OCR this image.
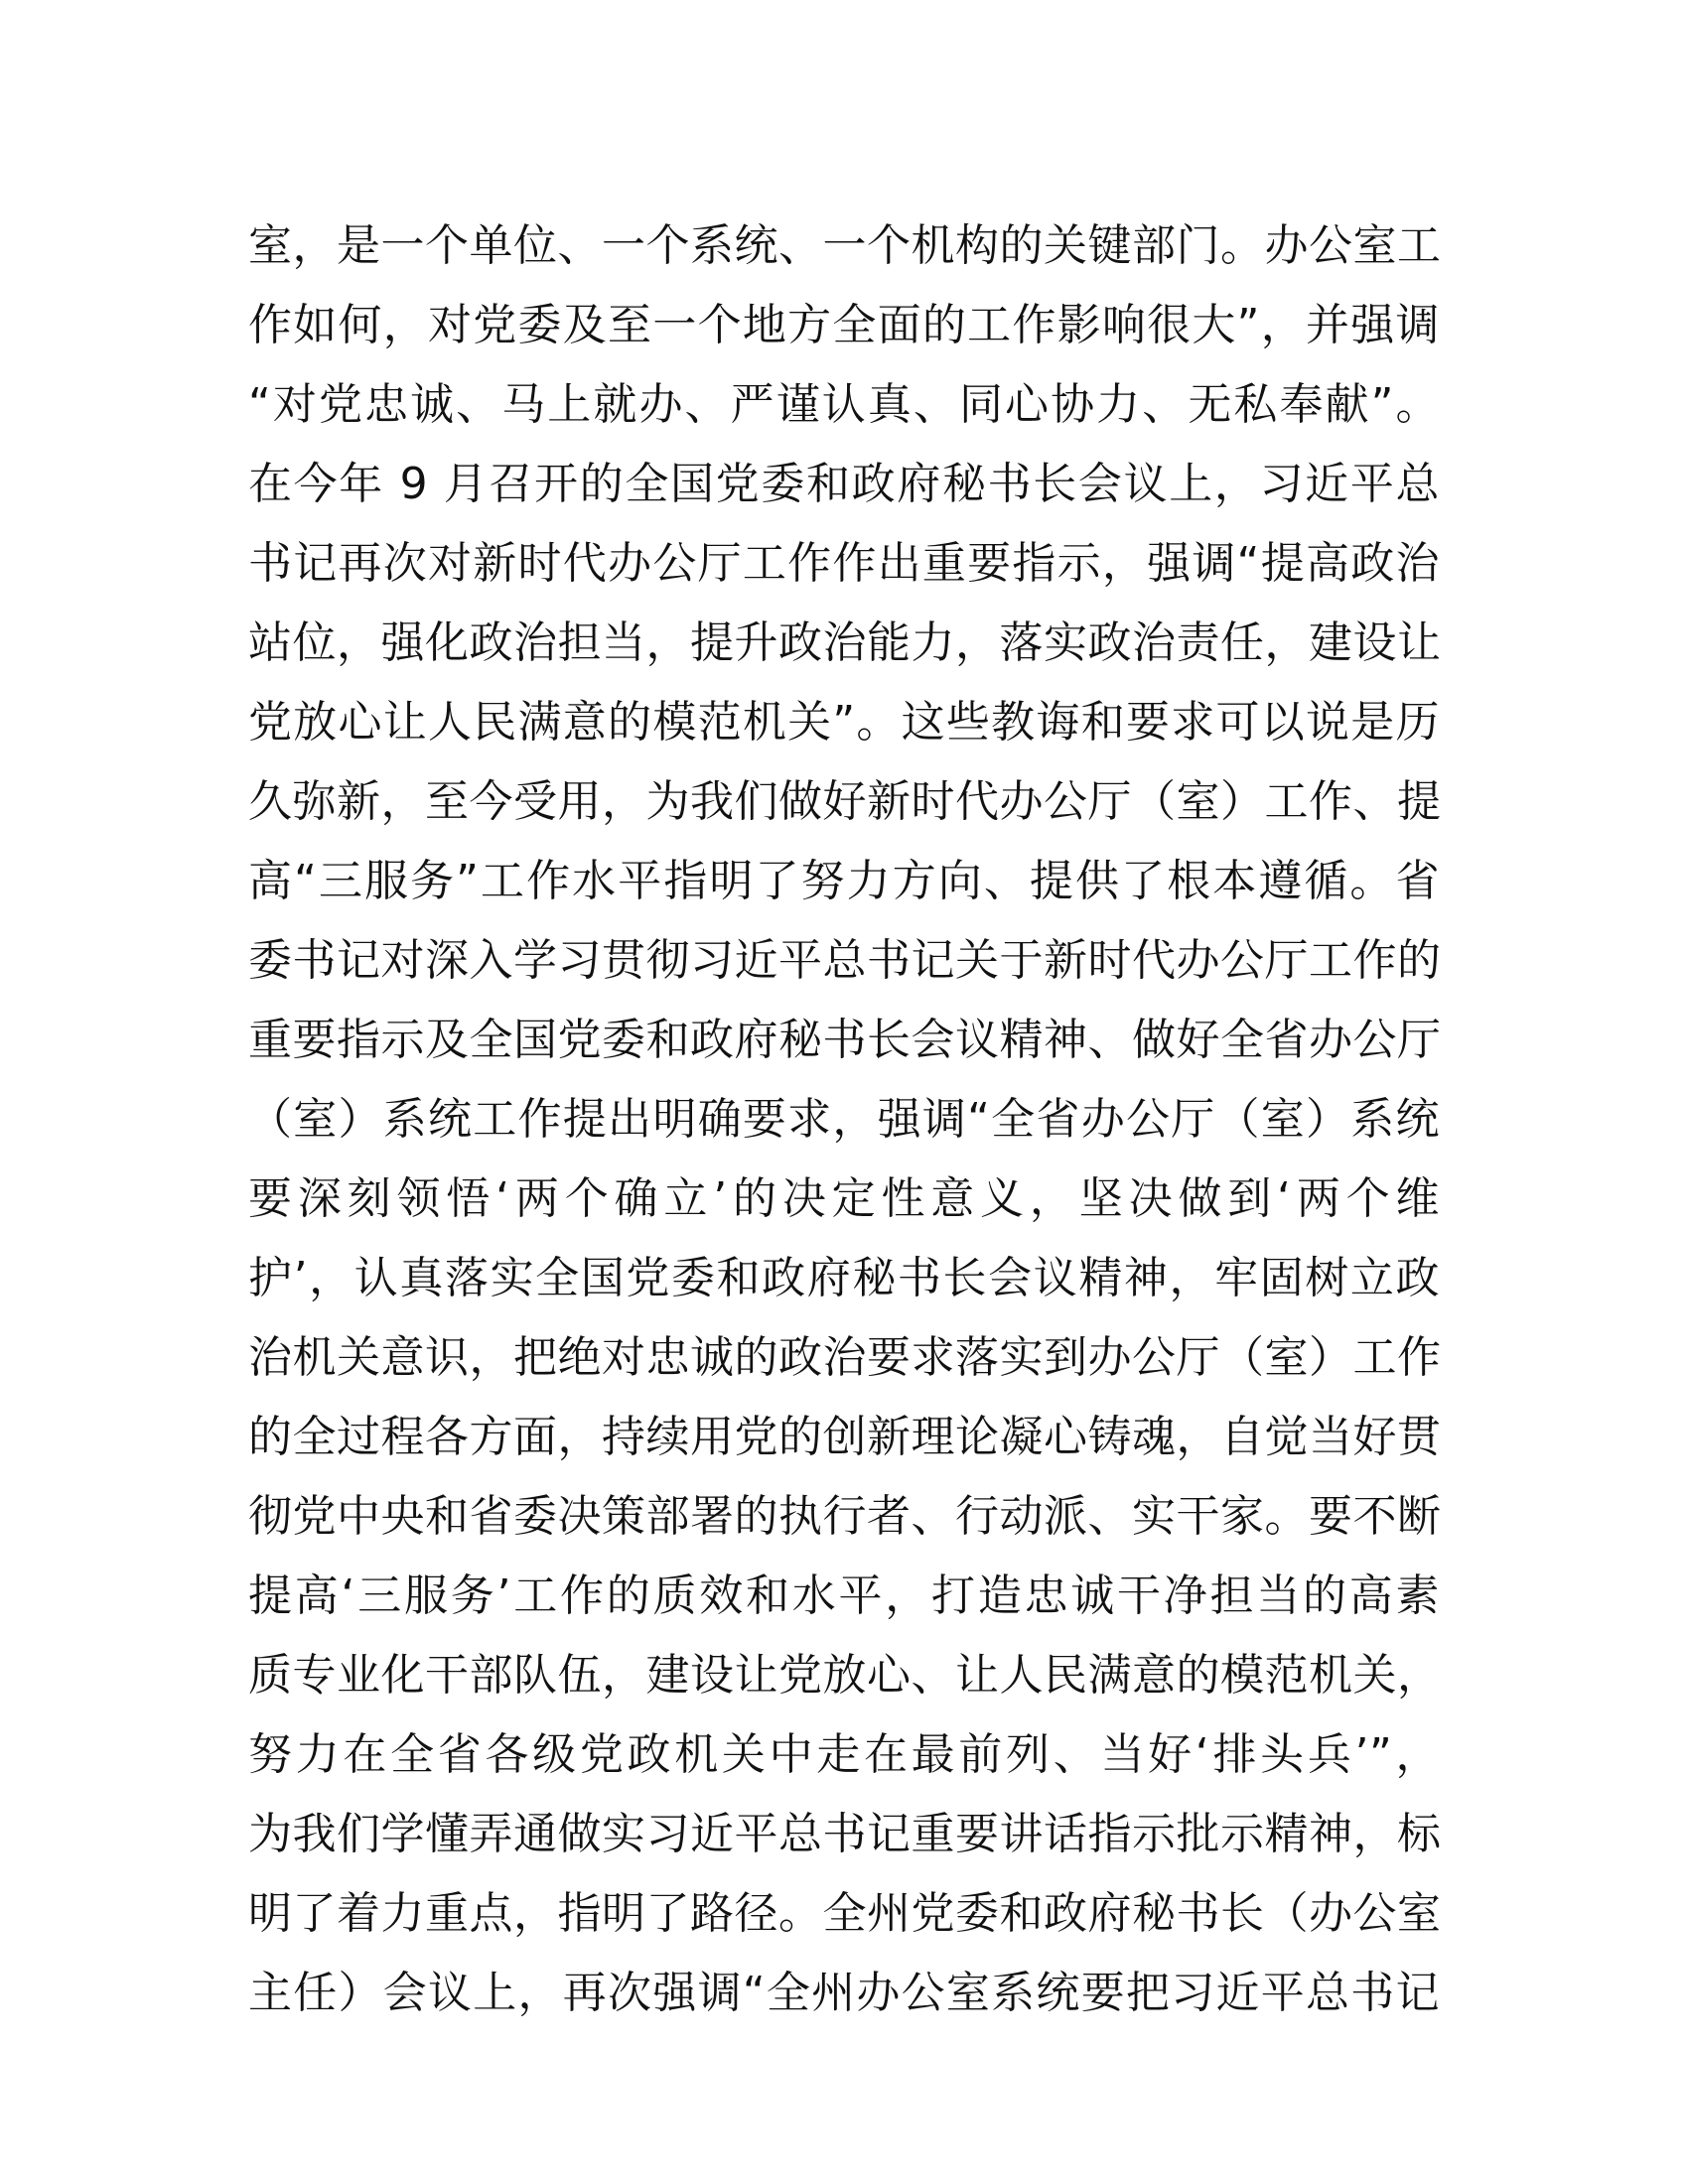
室，是一个单位、一个系统、一个机构的关键部门。办公室工
作如何，对党委及至一个地方全面的工作影响很大”，并强调
“对党忠诚、马上就办、严谨认真、同心协力、无私奉献”。
在今年 9 月召开的全国党委和政府秘书长会议上，习近平总
书记再次对新时代办公厅工作作出重要指示，强调“提高政治
站位，强化政治担当，提升政治能力，落实政治责任，建设让
党放心让人民满意的模范机关”。这些教诲和要求可以说是历
久弥新，至今受用，为我们做好新时代办公厅（室）工作、提
高“三服务”工作水平指明了努力方向、提供了根本遵循。省
委书记对深入学习贯彻习近平总书记关于新时代办公厅工作的
重要指示及全国党委和政府秘书长会议精神、做好全省办公厅
（室）系统工作提出明确要求，强调“全省办公厅（室）系统
要深刻领悟‘两个确立’的决定性意义，坚决做到‘两个维
护’，认真落实全国党委和政府秘书长会议精神，牢固树立政
治机关意识，把绝对忠诚的政治要求落实到办公厅（室）工作
的全过程各方面，持续用党的创新理论凝心铸魂，自觉当好贯
彻党中央和省委决策部署的执行者、行动派、实干家。要不断
提高‘三服务’工作的质效和水平，打造忠诚干净担当的高素
质专业化干部队伍，建设让党放心、让人民满意的模范机关，
努力在全省各级党政机关中走在最前列、当好‘排头兵’”，
为我们学懂弄通做实习近平总书记重要讲话指示批示精神，标
明了着力重点，指明了路径。全州党委和政府秘书长（办公室
主任）会议上，再次强调“全州办公室系统要把习近平总书记
